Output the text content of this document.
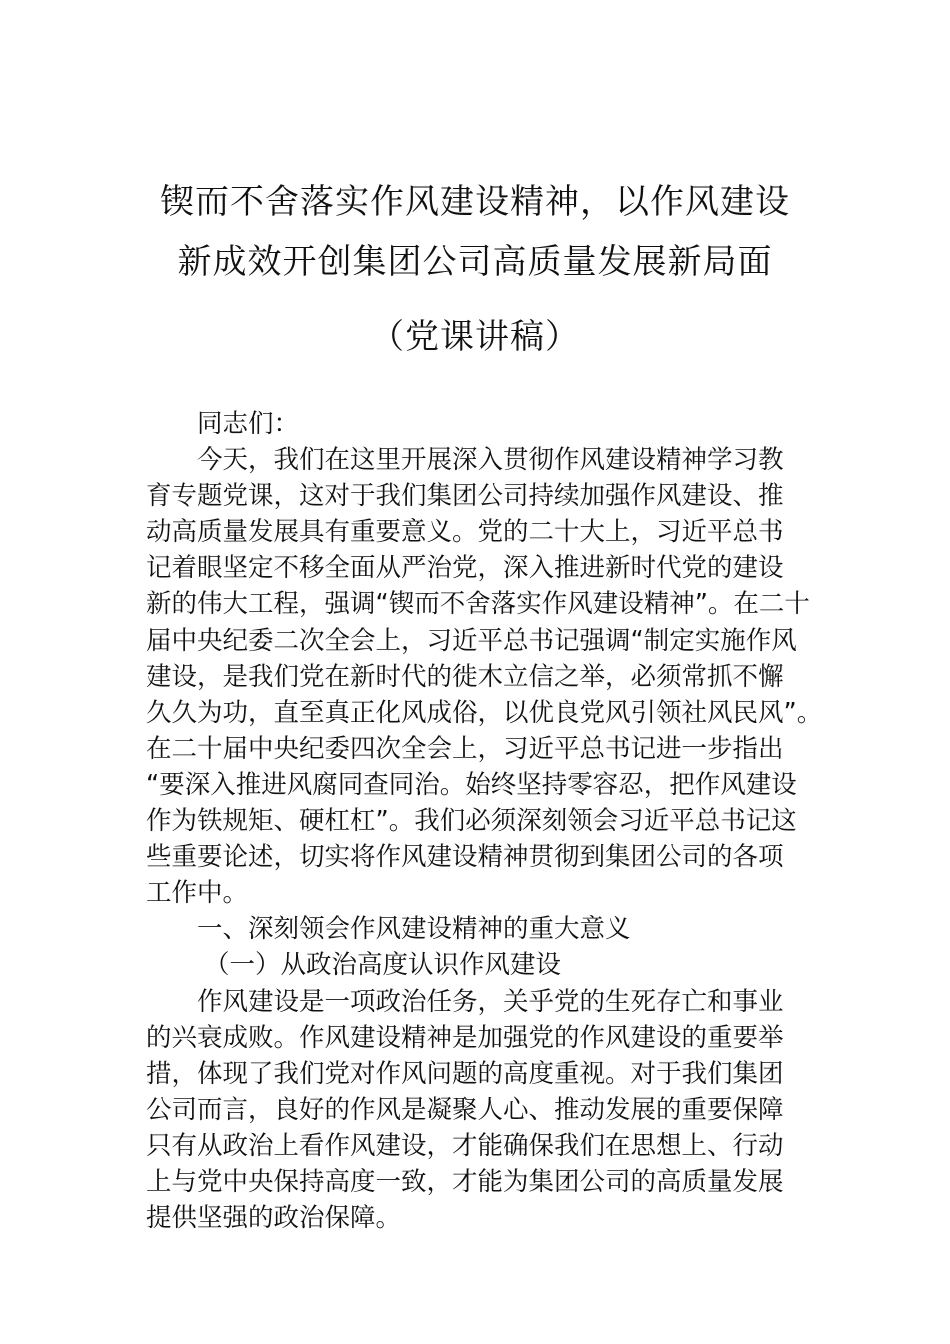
锲而不舍落实作风建设精神，以作风建设
新成效开创集团公司高质量发展新局面
（党课讲稿）
同志们：
今天，我们在这里开展深入贯彻作风建设精神学习教
育专题党课，这对于我们集团公司持续加强作风建设、推
动高质量发展具有重要意义。党的二十大上，习近平总书
记着眼坚定不移全面从严治党，深入推进新时代党的建设
新的伟大工程，强调“锲而不舍落实作风建设精神”。在二十
届中央纪委二次全会上，习近平总书记强调“制定实施作风
建设，是我们党在新时代的徙木立信之举，必须常抓不懈
久久为功，直至真正化风成俗，以优良党风引领社风民风”。
在二十届中央纪委四次全会上，习近平总书记进一步指出
“要深入推进风腐同查同治。始终坚持零容忍，把作风建设
作为铁规矩、硬杠杠”。我们必须深刻领会习近平总书记这
些重要论述，切实将作风建设精神贯彻到集团公司的各项
工作中。
一、深刻领会作风建设精神的重大意义
（一）从政治高度认识作风建设
作风建设是一项政治任务，关乎党的生死存亡和事业
的兴衰成败。作风建设精神是加强党的作风建设的重要举
措，体现了我们党对作风问题的高度重视。对于我们集团
公司而言，良好的作风是凝聚人心、推动发展的重要保障
只有从政治上看作风建设，才能确保我们在思想上、行动
上与党中央保持高度一致，才能为集团公司的高质量发展
提供坚强的政治保障。
